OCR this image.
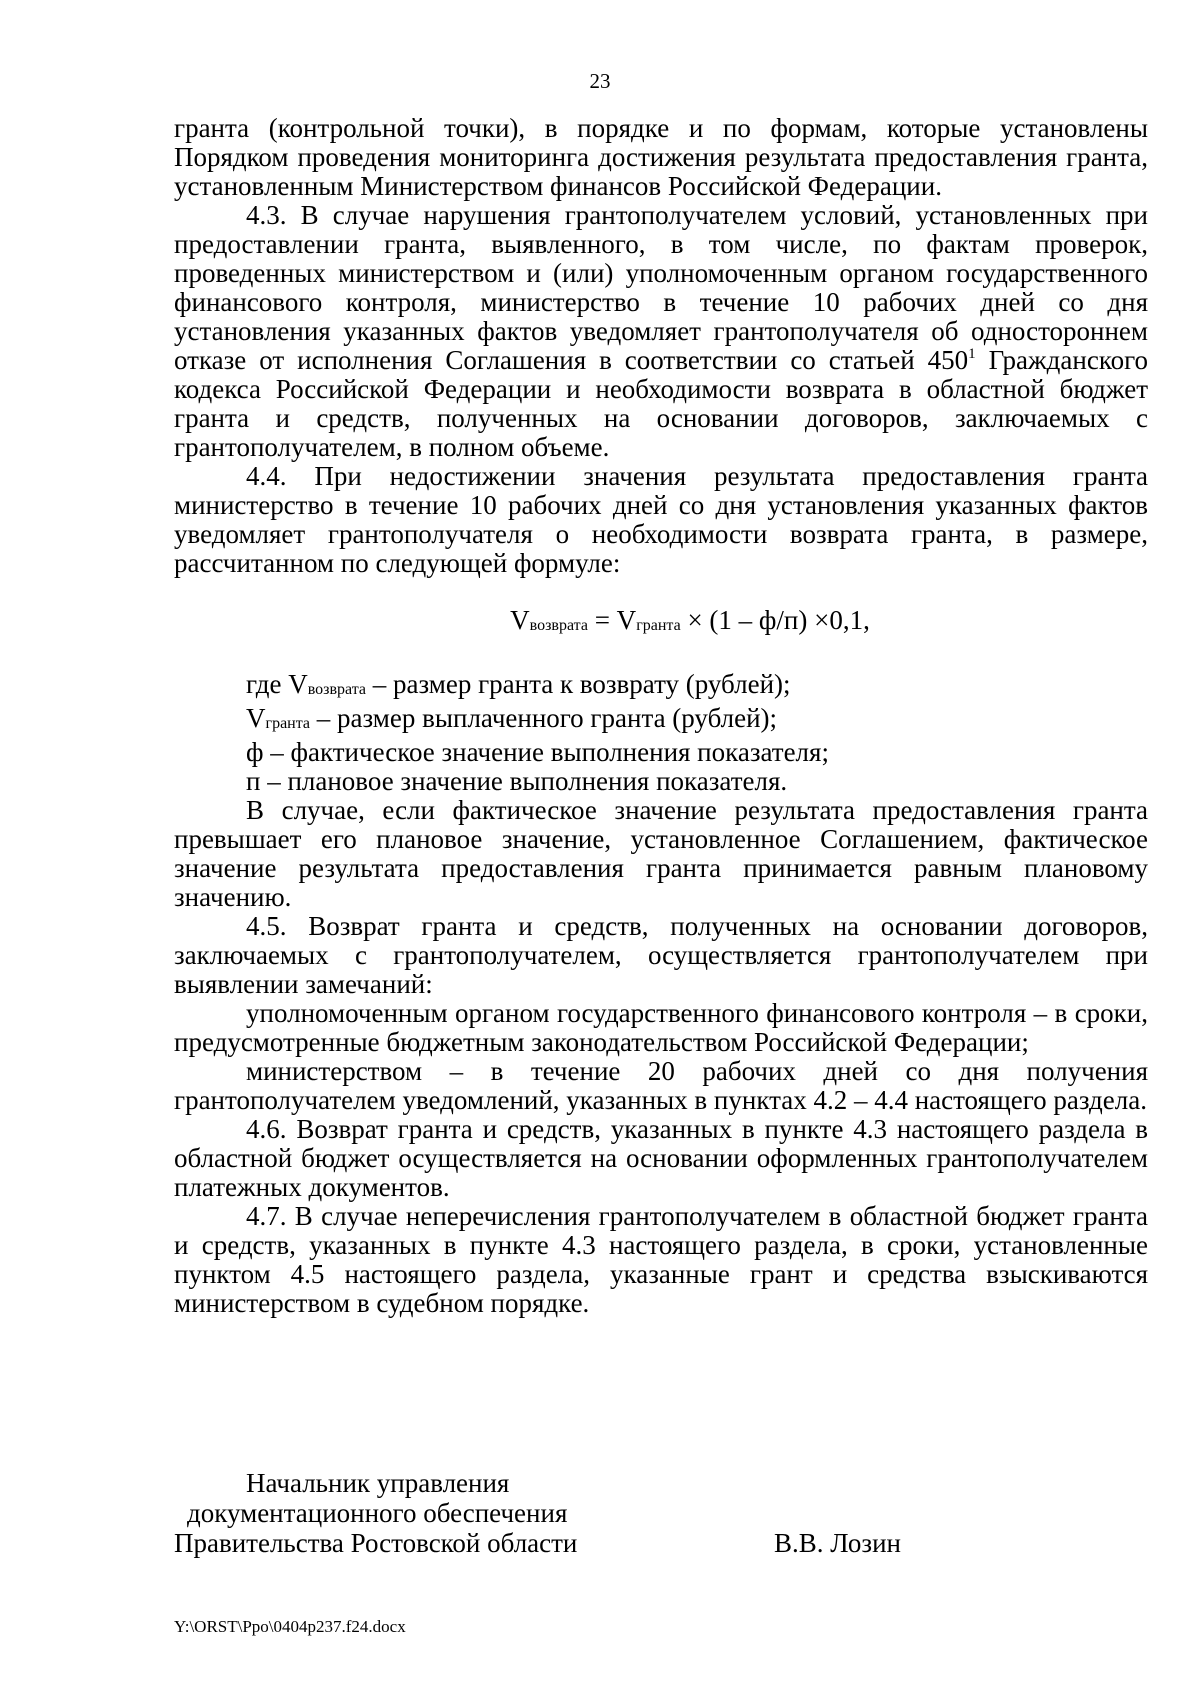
23

гранта (контрольной точки), в порядке и по формам, которые установлены Порядком проведения мониторинга достижения результата предоставления гранта, установленным Министерством финансов Российской Федерации.

4.3. В случае нарушения грантополучателем условий, установленных при предоставлении гранта, выявленного, в том числе, по фактам проверок, проведенных министерством и (или) уполномоченным органом государственного финансового контроля, министерство в течение 10 рабочих дней со дня установления указанных фактов уведомляет грантополучателя об одностороннем отказе от исполнения Соглашения в соответствии со статьей $450^1$ Гражданского кодекса Российской Федерации и необходимости возврата в областной бюджет гранта и средств, полученных на основании договоров, заключаемых с грантополучателем, в полном объеме.

4.4. При недостижении значения результата предоставления гранта министерство в течение 10 рабочих дней со дня установления указанных фактов уведомляет грантополучателя о необходимости возврата гранта, в размере, рассчитанном по следующей формуле:

Vвозврата = Vгранта × (1 – ф/п) ×0,1,

где Vвозврата – размер гранта к возврату (рублей);

Vгранта – размер выплаченного гранта (рублей);

ф – фактическое значение выполнения показателя;

п – плановое значение выполнения показателя.

В случае, если фактическое значение результата предоставления гранта превышает его плановое значение, установленное Соглашением, фактическое значение результата предоставления гранта принимается равным плановому значению.

4.5. Возврат гранта и средств, полученных на основании договоров, заключаемых с грантополучателем, осуществляется грантополучателем при выявлении замечаний:

уполномоченным органом государственного финансового контроля – в сроки, предусмотренные бюджетным законодательством Российской Федерации;

министерством – в течение 20 рабочих дней со дня получения грантополучателем уведомлений, указанных в пунктах 4.2 – 4.4 настоящего раздела.

4.6. Возврат гранта и средств, указанных в пункте 4.3 настоящего раздела в областной бюджет осуществляется на основании оформленных грантополучателем платежных документов.

4.7. В случае неперечисления грантополучателем в областной бюджет гранта и средств, указанных в пункте 4.3 настоящего раздела, в сроки, установленные пунктом 4.5 настоящего раздела, указанные грант и средства взыскиваются министерством в судебном порядке.

Начальник управления
документационного обеспечения
Правительства Ростовской области	В.В. Лозин
Y:\ORST\Ppo\0404p237.f24.docx
